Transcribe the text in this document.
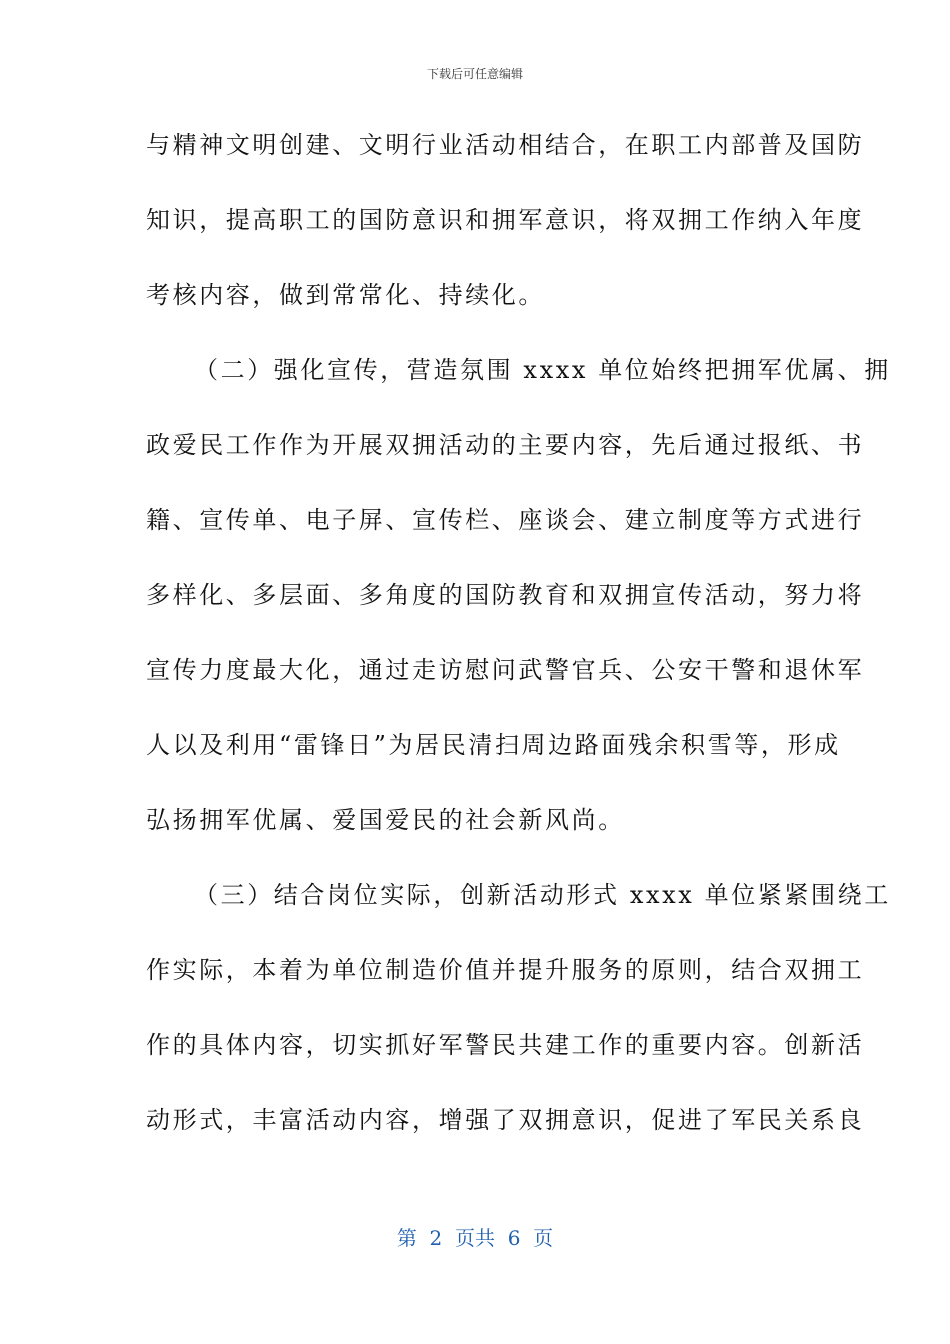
下载后可任意编辑
与精神文明创建、文明行业活动相结合，在职工内部普及国防
知识，提高职工的国防意识和拥军意识，将双拥工作纳入年度
考核内容，做到常常化、持续化。
（二）强化宣传，营造氛围 xxxx 单位始终把拥军优属、拥
政爱民工作作为开展双拥活动的主要内容，先后通过报纸、书
籍、宣传单、电子屏、宣传栏、座谈会、建立制度等方式进行
多样化、多层面、多角度的国防教育和双拥宣传活动，努力将
宣传力度最大化，通过走访慰问武警官兵、公安干警和退休军
人以及利用“雷锋日”为居民清扫周边路面残余积雪等，形成
弘扬拥军优属、爱国爱民的社会新风尚。
（三）结合岗位实际，创新活动形式 xxxx 单位紧紧围绕工
作实际，本着为单位制造价值并提升服务的原则，结合双拥工
作的具体内容，切实抓好军警民共建工作的重要内容。创新活
动形式，丰富活动内容，增强了双拥意识，促进了军民关系良
第  2  页共  6  页
